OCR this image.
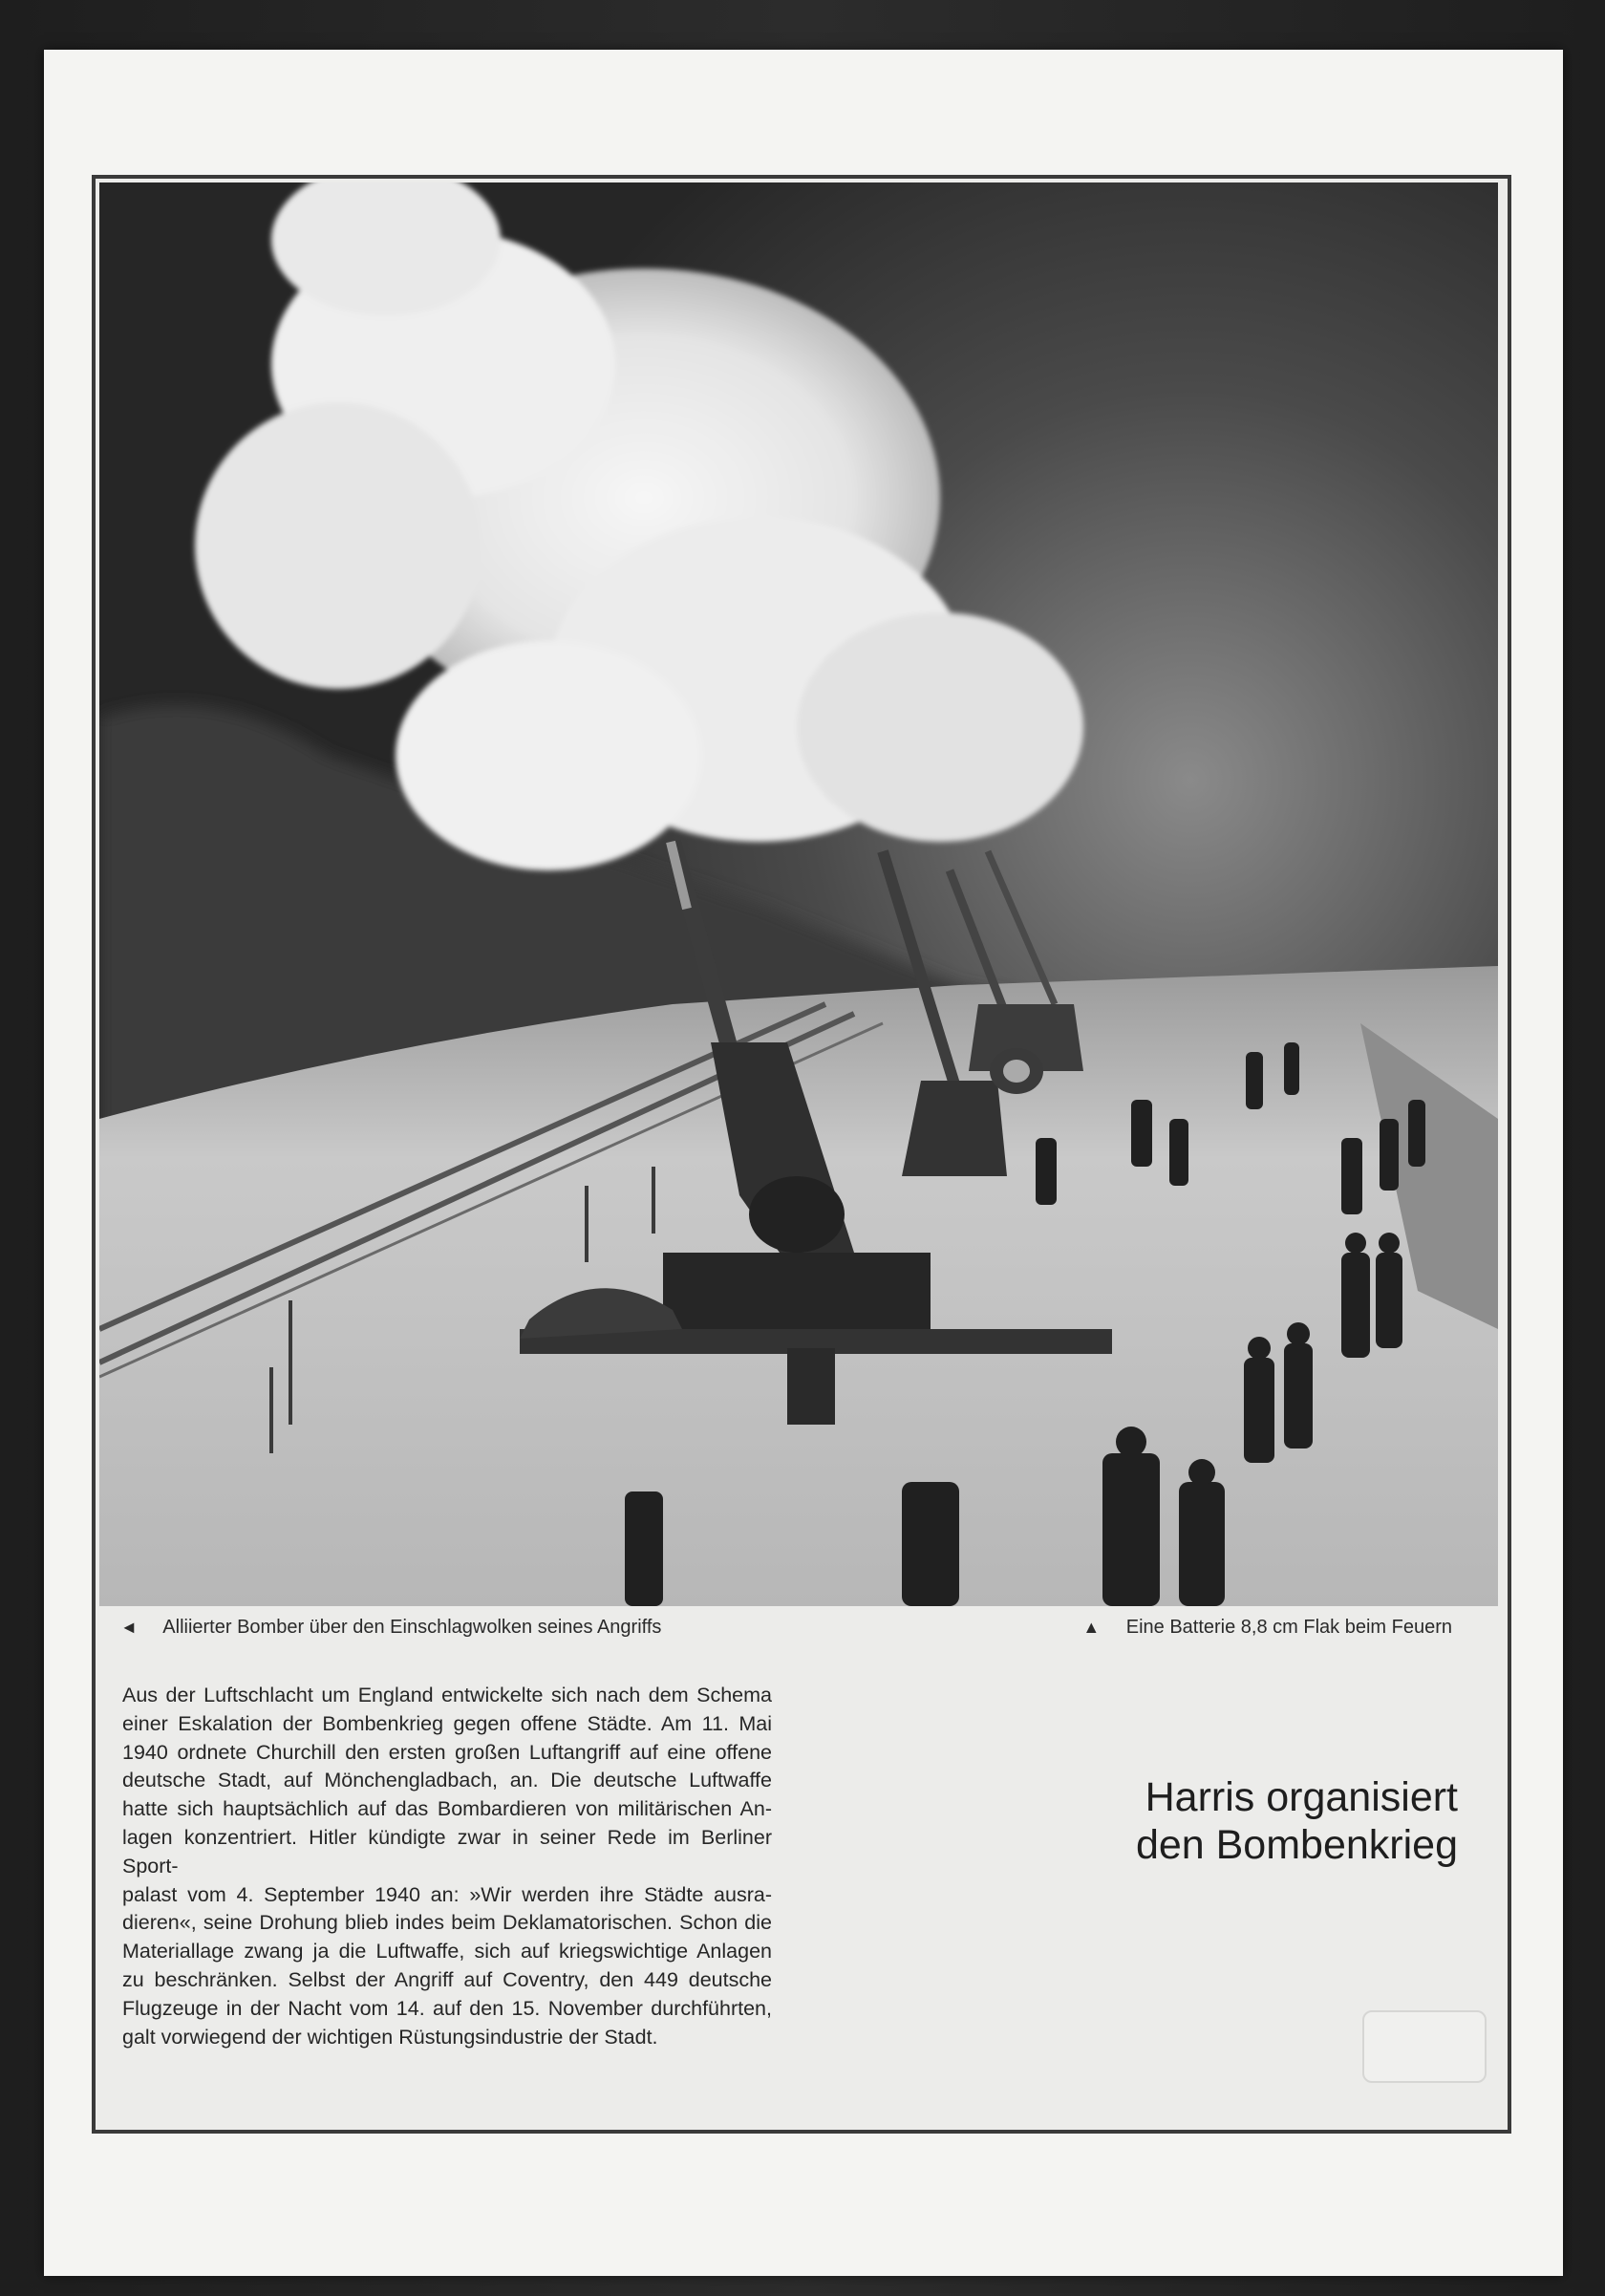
◄ Alliierter Bomber über den Einschlagwolken seines Angriffs	▲ Eine Batterie 8,8 cm Flak beim Feuern

Aus der Luftschlacht um England entwickelte sich nach dem Schema

einer Eskalation der Bombenkrieg gegen offene Städte. Am 11. Mai

1940 ordnete Churchill den ersten großen Luftangriff auf eine offene

deutsche Stadt, auf Mönchengladbach, an. Die deutsche Luftwaffe

hatte sich hauptsächlich auf das Bombardieren von militärischen An-

lagen konzentriert. Hitler kündigte zwar in seiner Rede im Berliner Sport-

palast vom 4. September 1940 an: »Wir werden ihre Städte ausra-

dieren«, seine Drohung blieb indes beim Deklamatorischen. Schon die

Materiallage zwang ja die Luftwaffe, sich auf kriegswichtige Anlagen

zu beschränken. Selbst der Angriff auf Coventry, den 449 deutsche

Flugzeuge in der Nacht vom 14. auf den 15. November durchführten,

galt vorwiegend der wichtigen Rüstungsindustrie der Stadt.

Harris organisiert
den Bombenkrieg
